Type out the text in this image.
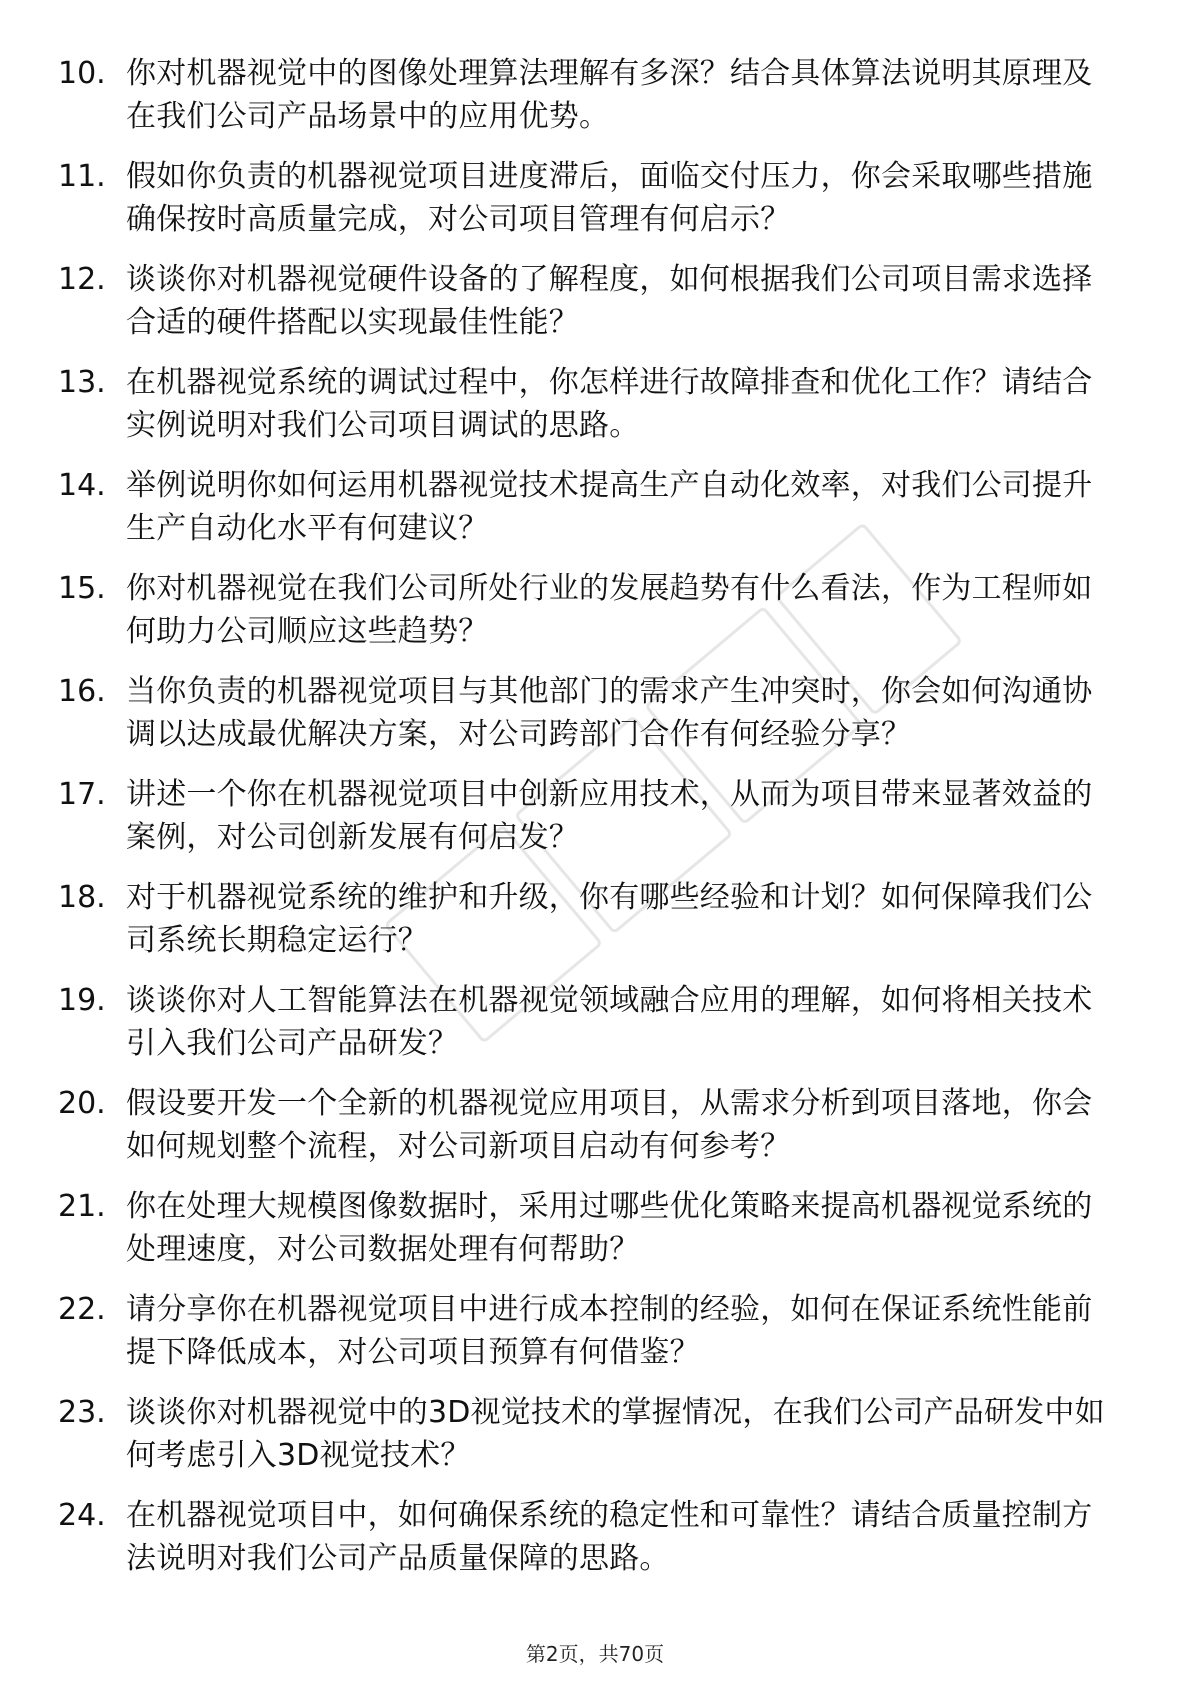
10. 你对机器视觉中的图像处理算法理解有多深？结合具体算法说明其原理及在我们公司产品场景中的应用优势。
11. 假如你负责的机器视觉项目进度滞后，面临交付压力，你会采取哪些措施确保按时高质量完成，对公司项目管理有何启示？
12. 谈谈你对机器视觉硬件设备的了解程度，如何根据我们公司项目需求选择合适的硬件搭配以实现最佳性能？
13. 在机器视觉系统的调试过程中，你怎样进行故障排查和优化工作？请结合实例说明对我们公司项目调试的思路。
14. 举例说明你如何运用机器视觉技术提高生产自动化效率，对我们公司提升生产自动化水平有何建议？
15. 你对机器视觉在我们公司所处行业的发展趋势有什么看法，作为工程师如何助力公司顺应这些趋势？
16. 当你负责的机器视觉项目与其他部门的需求产生冲突时，你会如何沟通协调以达成最优解决方案，对公司跨部门合作有何经验分享？
17. 讲述一个你在机器视觉项目中创新应用技术，从而为项目带来显著效益的案例，对公司创新发展有何启发？
18. 对于机器视觉系统的维护和升级，你有哪些经验和计划？如何保障我们公司系统长期稳定运行？
19. 谈谈你对人工智能算法在机器视觉领域融合应用的理解，如何将相关技术引入我们公司产品研发？
20. 假设要开发一个全新的机器视觉应用项目，从需求分析到项目落地，你会如何规划整个流程，对公司新项目启动有何参考？
21. 你在处理大规模图像数据时，采用过哪些优化策略来提高机器视觉系统的处理速度，对公司数据处理有何帮助？
22. 请分享你在机器视觉项目中进行成本控制的经验，如何在保证系统性能前提下降低成本，对公司项目预算有何借鉴？
23. 谈谈你对机器视觉中的3D视觉技术的掌握情况，在我们公司产品研发中如何考虑引入3D视觉技术？
24. 在机器视觉项目中，如何确保系统的稳定性和可靠性？请结合质量控制方法说明对我们公司产品质量保障的思路。
第2页，共70页
